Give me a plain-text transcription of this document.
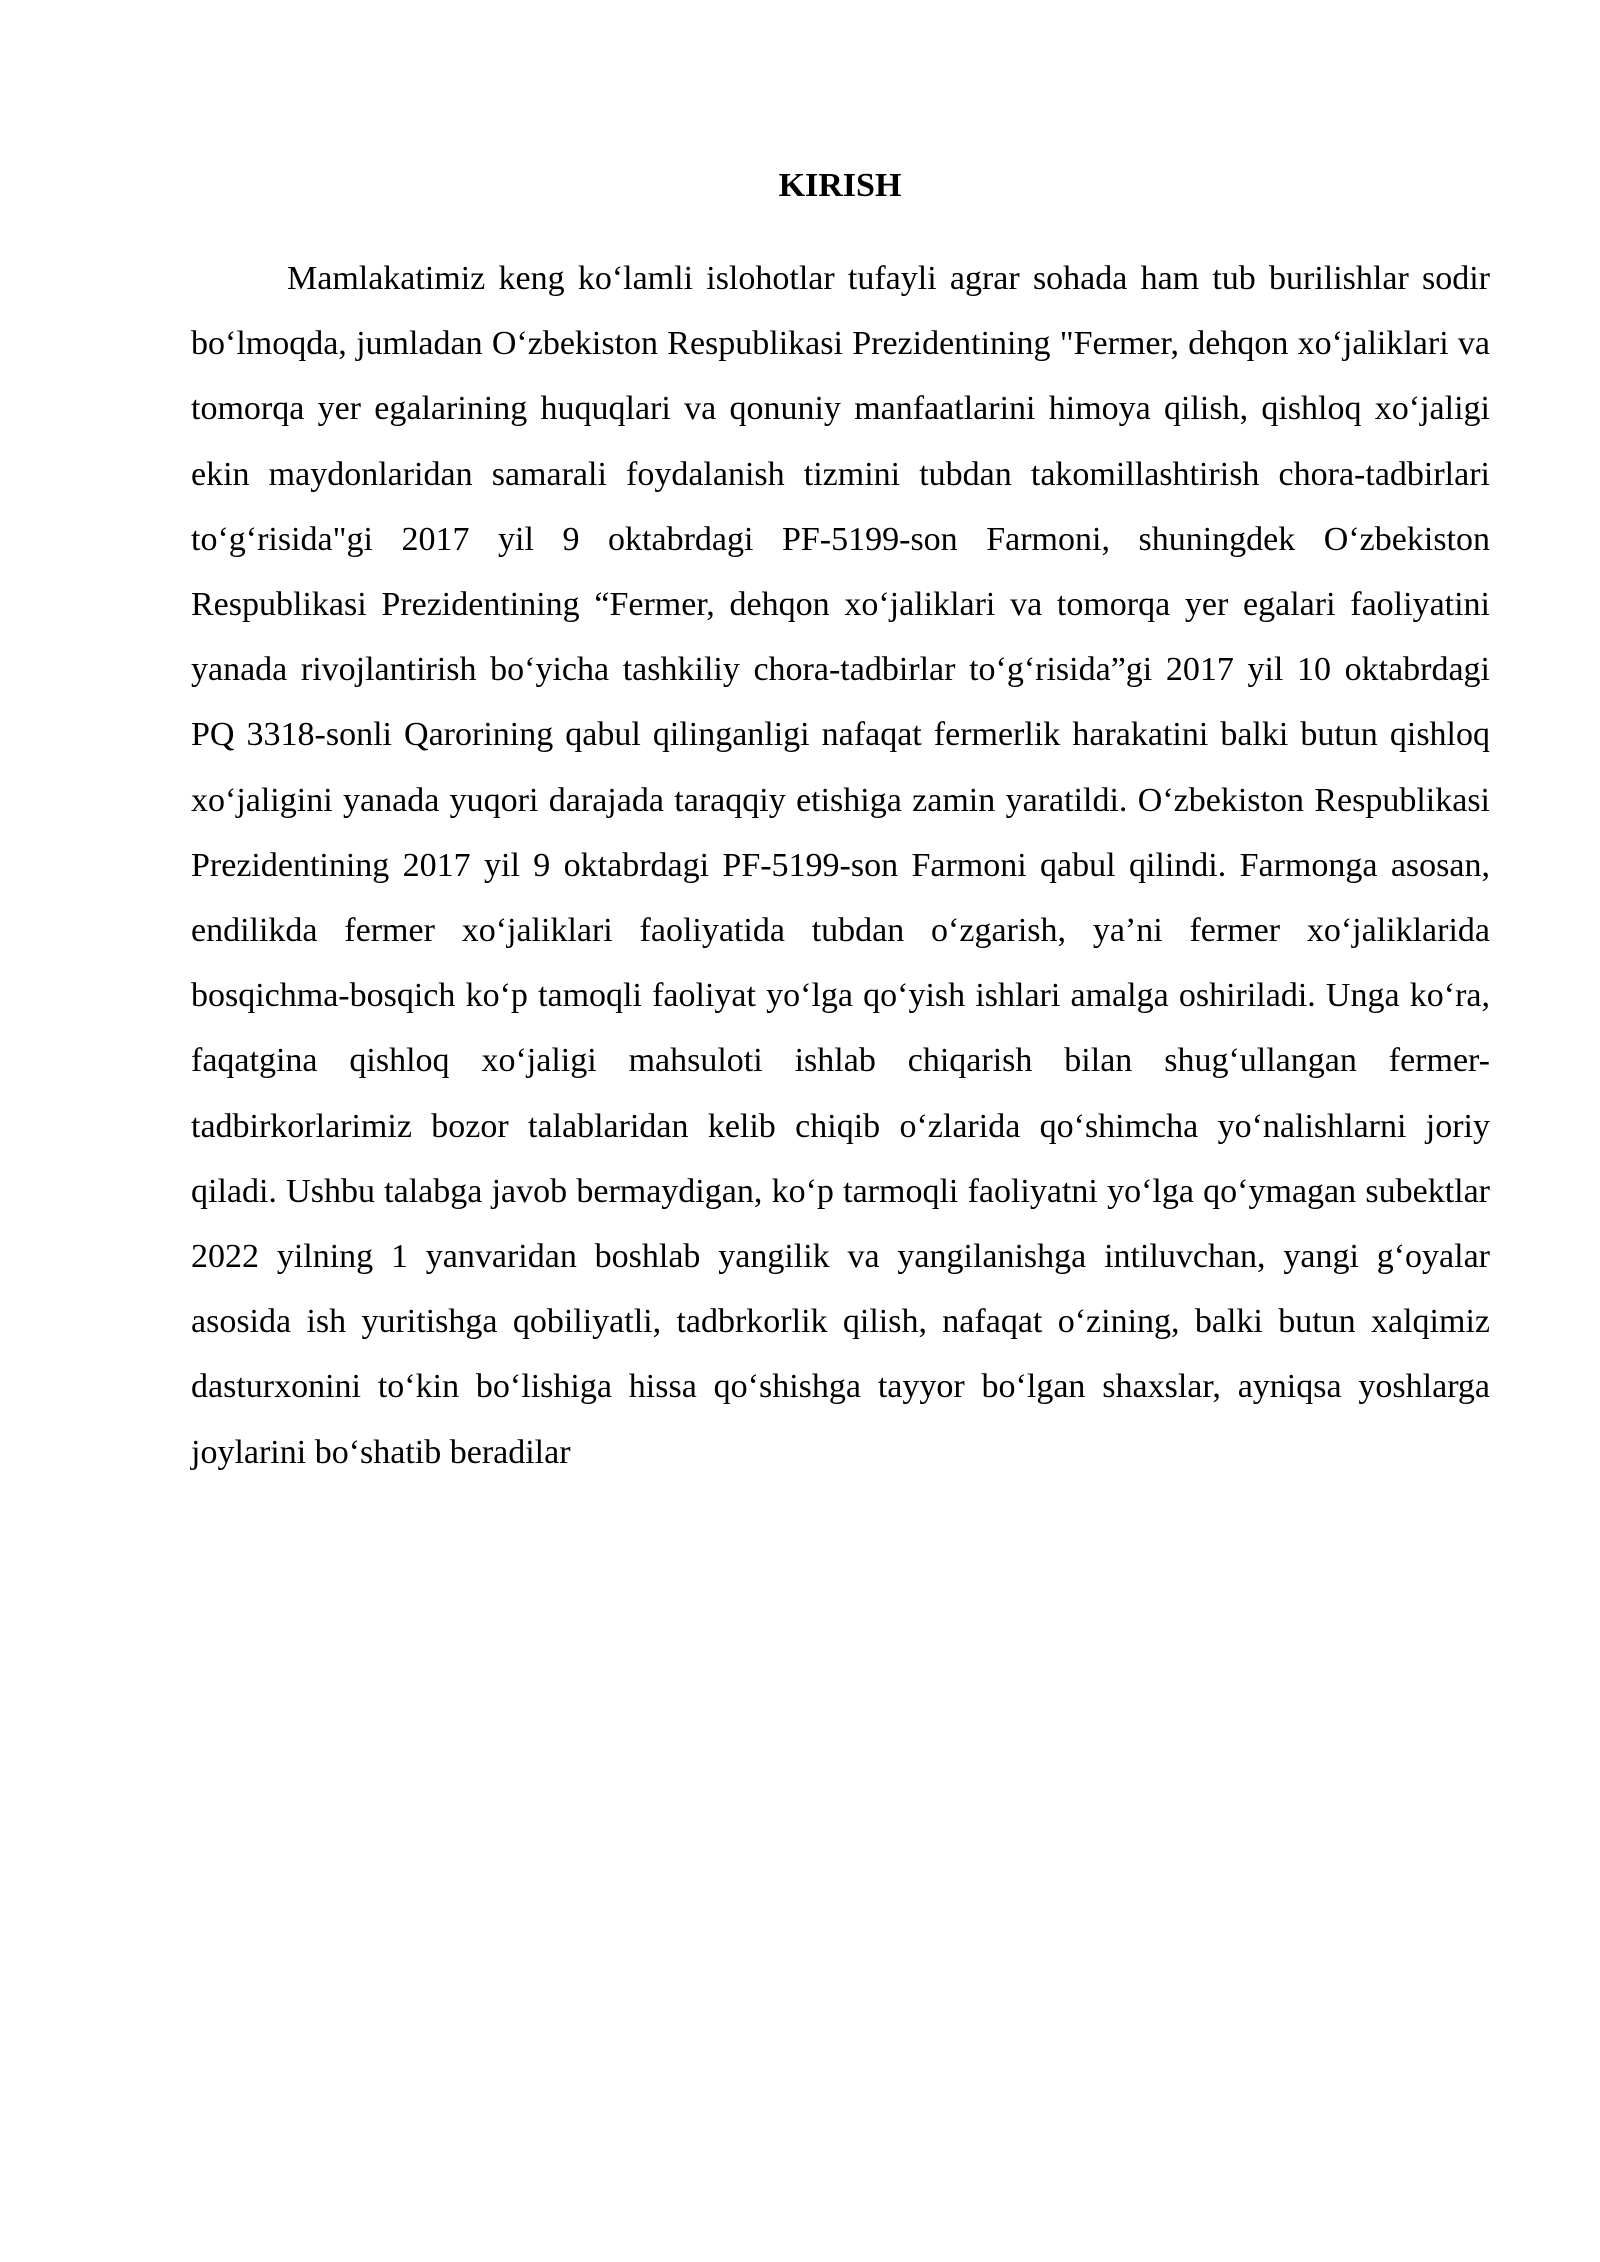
KIRISH

Mamlakatimiz keng koʻlamli islohotlar tufayli agrar sohada ham tub burilishlar sodir boʻlmoqda, jumladan Oʻzbekiston Respublikasi Prezidentining "Fermer, dehqon xoʻjaliklari va tomorqa yer egalarining huquqlari va qonuniy manfaatlarini himoya qilish, qishloq xoʻjaligi ekin maydonlaridan samarali foydalanish tizmini tubdan takomillashtirish chora-tadbirlari toʻgʻrisida"gi 2017 yil 9 oktabrdagi PF-5199-son Farmoni, shuningdek Oʻzbekiston Respublikasi Prezidentining “Fermer, dehqon xoʻjaliklari va tomorqa yer egalari faoliyatini yanada rivojlantirish boʻyicha tashkiliy chora-tadbirlar toʻgʻrisida”gi 2017 yil 10 oktabrdagi PQ 3318-sonli Qarorining qabul qilinganligi nafaqat fermerlik harakatini balki butun qishloq xoʻjaligini yanada yuqori darajada taraqqiy etishiga zamin yaratildi. Oʻzbekiston Respublikasi Prezidentining 2017 yil 9 oktabrdagi PF-5199-son Farmoni qabul qilindi. Farmonga asosan, endilikda fermer xoʻjaliklari faoliyatida tubdan oʻzgarish, yaʼni fermer xoʻjaliklarida bosqichma-bosqich koʻp tamoqli faoliyat yoʻlga qoʻyish ishlari amalga oshiriladi. Unga koʻra, faqatgina qishloq xoʻjaligi mahsuloti ishlab chiqarish bilan shugʻullangan fermer-tadbirkorlarimiz bozor talablaridan kelib chiqib oʻzlarida qoʻshimcha yoʻnalishlarni joriy qiladi. Ushbu talabga javob bermaydigan, koʻp tarmoqli faoliyatni yoʻlga qoʻymagan subektlar 2022 yilning 1 yanvaridan boshlab yangilik va yangilanishga intiluvchan, yangi gʻoyalar asosida ish yuritishga qobiliyatli, tadbrkorlik qilish, nafaqat oʻzining, balki butun xalqimiz dasturxonini toʻkin boʻlishiga hissa qoʻshishga tayyor boʻlgan shaxslar, ayniqsa yoshlarga joylarini boʻshatib beradilar
